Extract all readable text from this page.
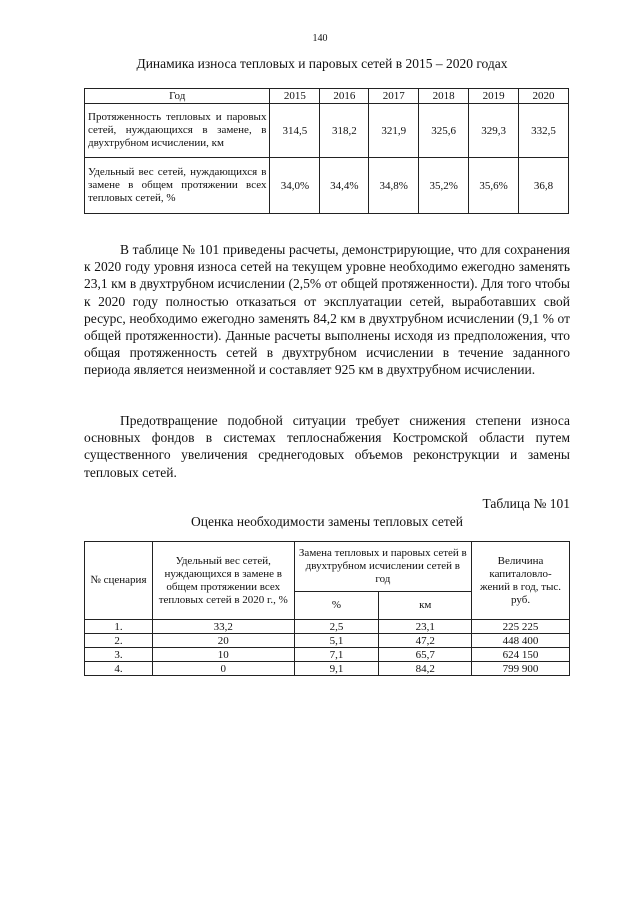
140
Динамика износа тепловых и паровых сетей в 2015 – 2020 годах
Год	2015	2016	2017	2018	2019	2020
Протяженность тепловых и паровых сетей, нуждающихся в замене, в двухтрубном исчислении, км	314,5	318,2	321,9	325,6	329,3	332,5
Удельный вес сетей, нуждающихся в замене в общем протяжении всех тепловых сетей, %	34,0%	34,4%	34,8%	35,2%	35,6%	36,8

В таблице № 101 приведены расчеты, демонстрирующие, что для сохранения к 2020 году уровня износа сетей на текущем уровне необходимо ежегодно заменять 23,1 км в двухтрубном исчислении (2,5% от общей протяженности). Для того чтобы к 2020 году полностью отказаться от эксплуатации сетей, выработавших свой ресурс, необходимо ежегодно заменять 84,2 км в двухтрубном исчислении (9,1 % от общей протяженности). Данные расчеты выполнены исходя из предположения, что общая протяженность сетей в двухтрубном исчислении в течение заданного периода является неизменной и составляет 925 км в двухтрубном исчислении.

Предотвращение подобной ситуации требует снижения степени износа основных фондов в системах теплоснабжения Костромской области путем существенного увеличения среднегодовых объемов реконструкции и замены тепловых сетей.

Таблица № 101
Оценка необходимости замены тепловых сетей
№ сценария	Удельный вес сетей, нуждающихся в замене в общем протяжении всех тепловых сетей в 2020 г., %	Замена тепловых и паровых сетей в двухтрубном исчислении сетей в год		Величина капиталовло-жений в год, тыс. руб.
		%	км	
1.	33,2	2,5	23,1	225 225
2.	20	5,1	47,2	448 400
3.	10	7,1	65,7	624 150
4.	0	9,1	84,2	799 900
